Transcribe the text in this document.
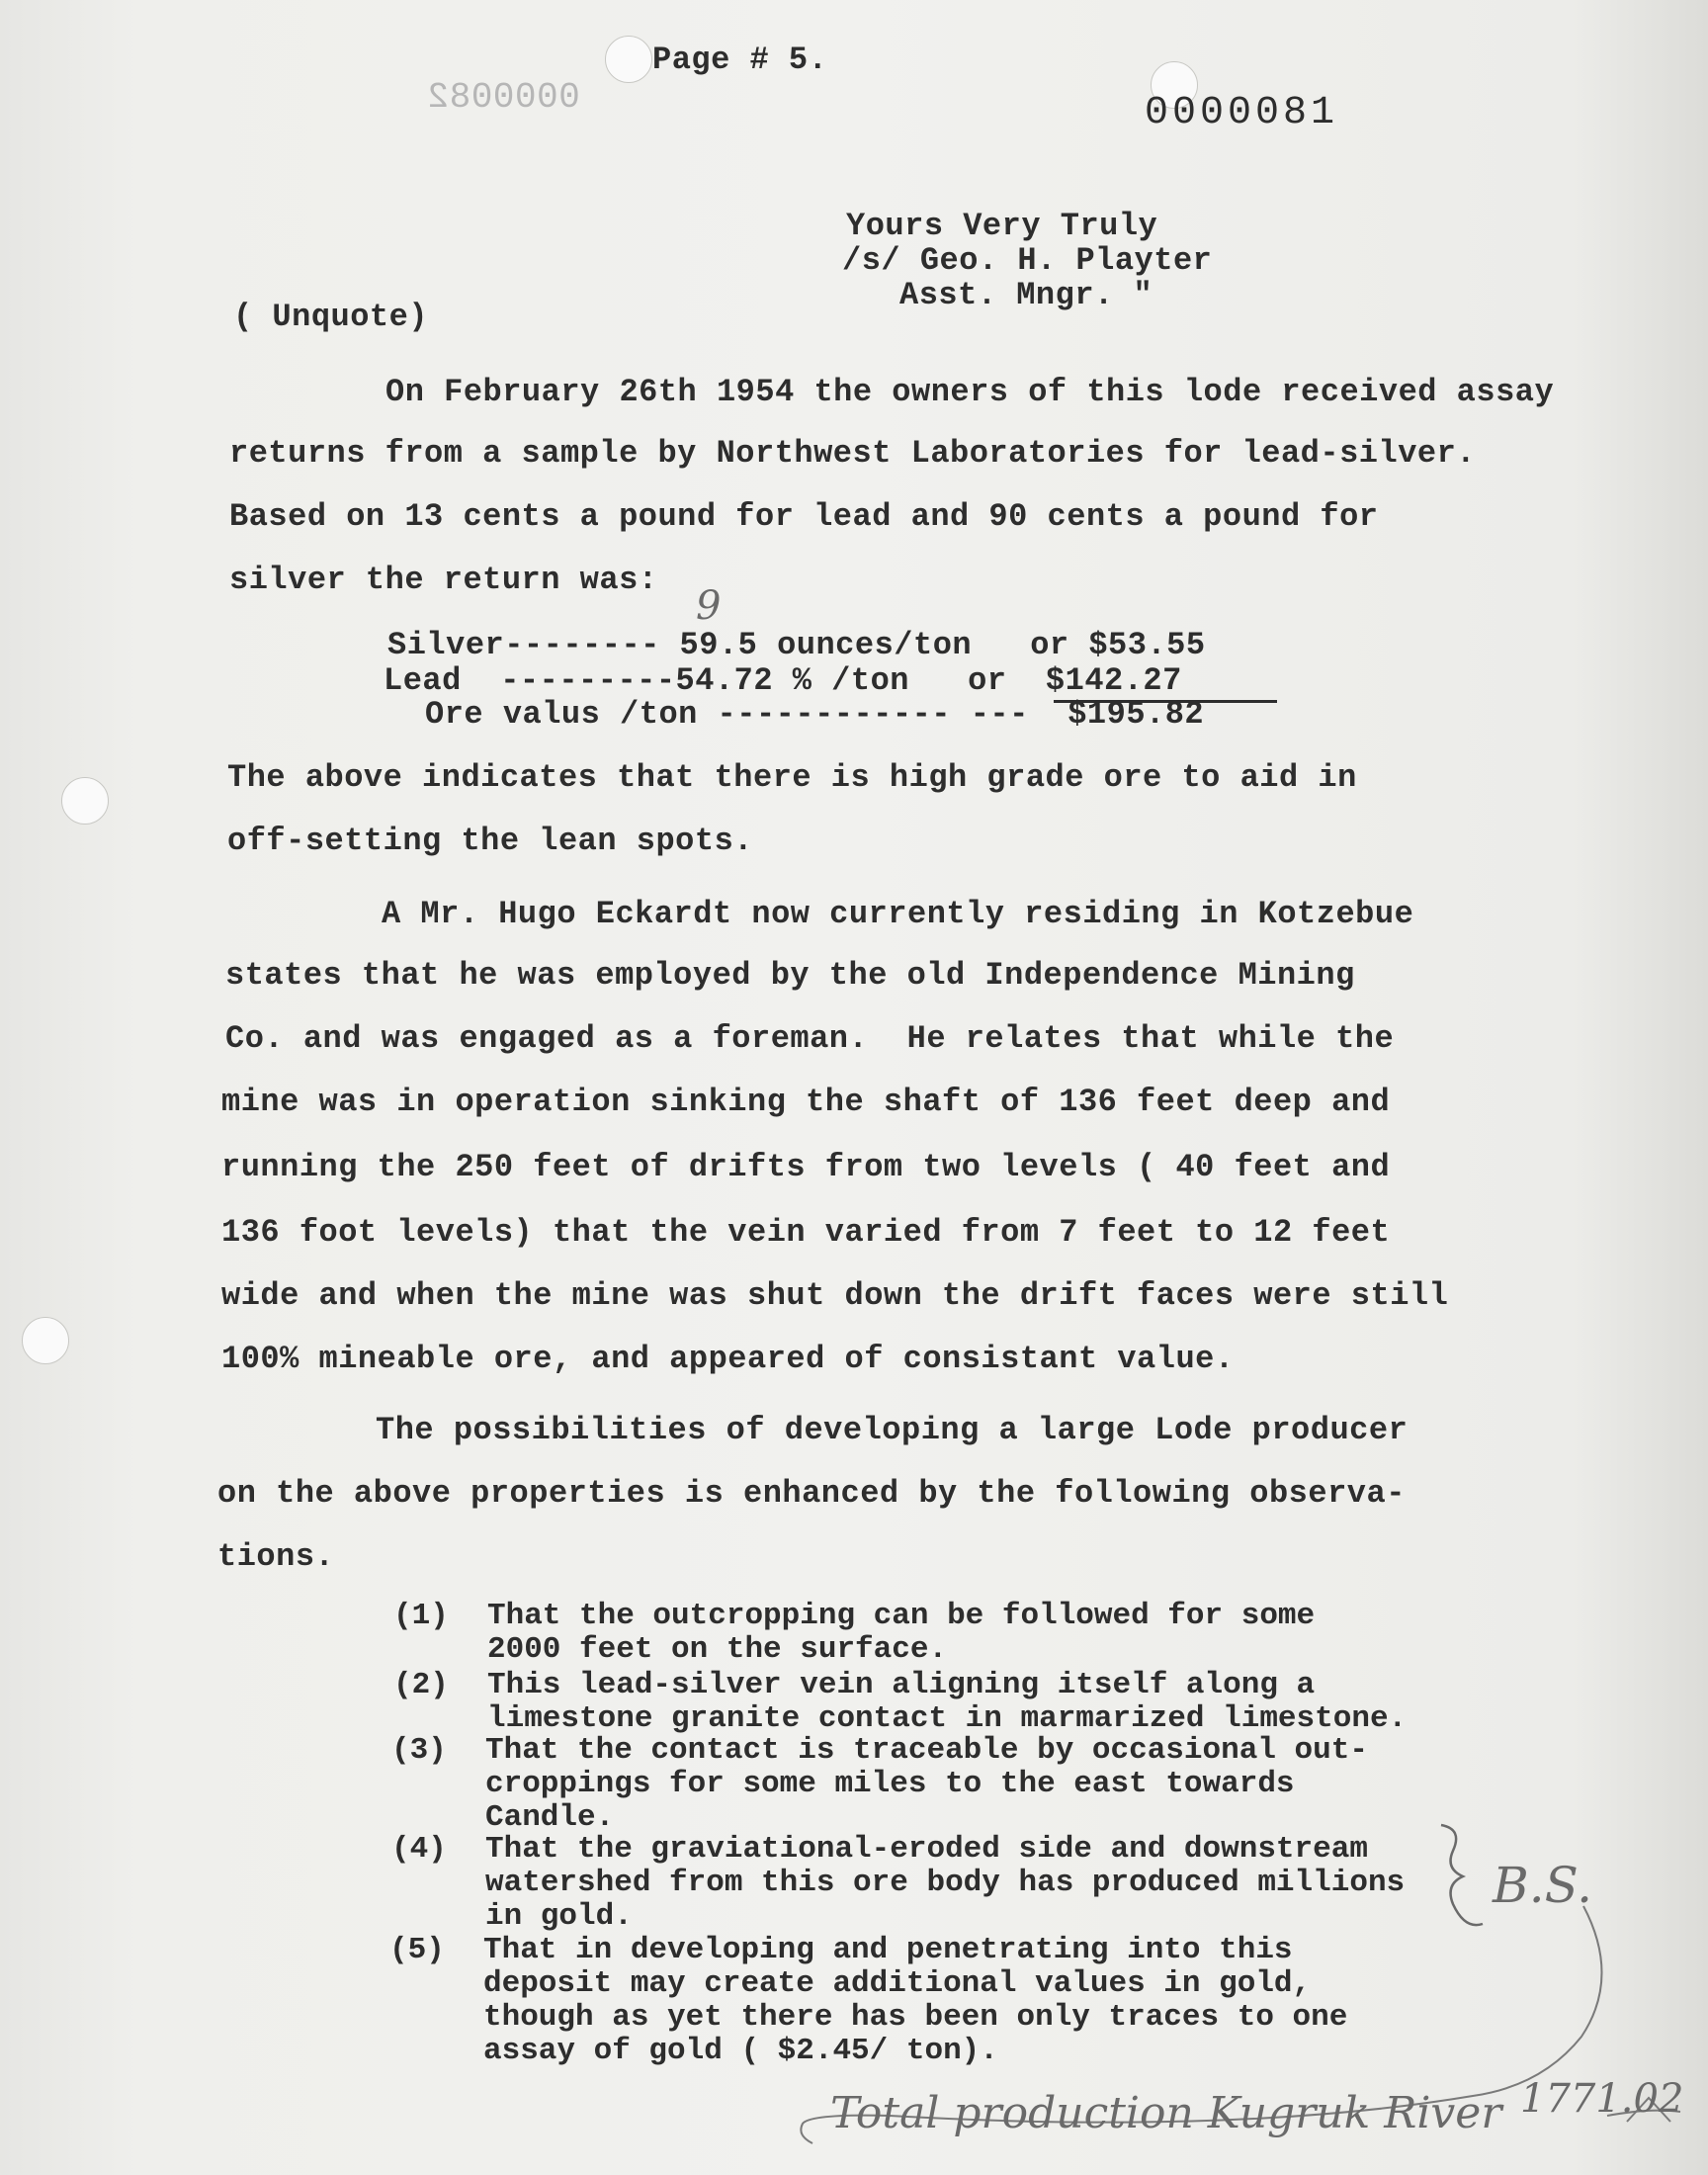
Page # 5.
0000082	0000081
Yours Very Truly
/s/ Geo. H. Playter
Asst. Mngr. "
( Unquote)
On February 26th 1954 the owners of this lode received assay
returns from a sample by Northwest Laboratories for lead-silver.
Based on 13 cents a pound for lead and 90 cents a pound for
silver the return was:
9
Silver-------- 59.5 ounces/ton   or $53.55
Lead  ---------54.72 % /ton   or  $142.27
Ore valus /ton ------------ ---  $195.82
The above indicates that there is high grade ore to aid in
off-setting the lean spots.
A Mr. Hugo Eckardt now currently residing in Kotzebue
states that he was employed by the old Independence Mining
Co. and was engaged as a foreman.  He relates that while the
mine was in operation sinking the shaft of 136 feet deep and
running the 250 feet of drifts from two levels ( 40 feet and
136 foot levels) that the vein varied from 7 feet to 12 feet
wide and when the mine was shut down the drift faces were still
100% mineable ore, and appeared of consistant value.
The possibilities of developing a large Lode producer
on the above properties is enhanced by the following observa-
tions.
(1) That the outcropping can be followed for some
2000 feet on the surface.
(2) This lead-silver vein aligning itself along a
limestone granite contact in marmarized limestone.
(3) That the contact is traceable by occasional out-
croppings for some miles to the east towards
Candle.
(4) That the graviational-eroded side and downstream
watershed from this ore body has produced millions
in gold.
(5) That in developing and penetrating into this
deposit may create additional values in gold,
though as yet there has been only traces to one
assay of gold ( $2.45/ ton).
B.S.
Total production Kugruk River 1771.02
